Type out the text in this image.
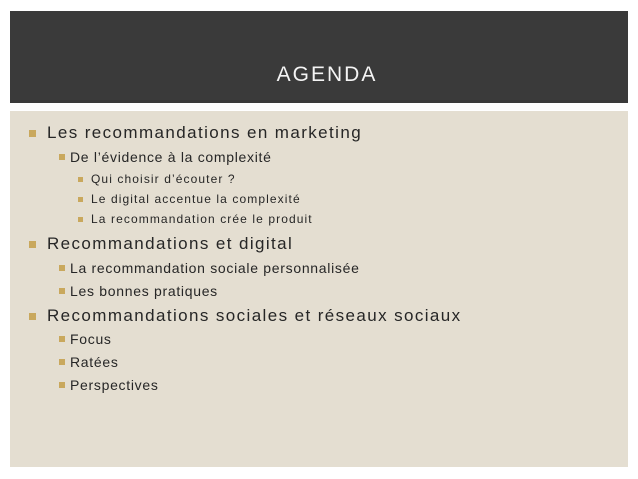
AGENDA
Les recommandations en marketing
De l’évidence à la complexité
Qui choisir d’écouter ?
Le digital accentue la complexité
La recommandation crée le produit
Recommandations et digital
La recommandation sociale personnalisée
Les bonnes pratiques
Recommandations sociales et réseaux sociaux
Focus
Ratées
Perspectives
